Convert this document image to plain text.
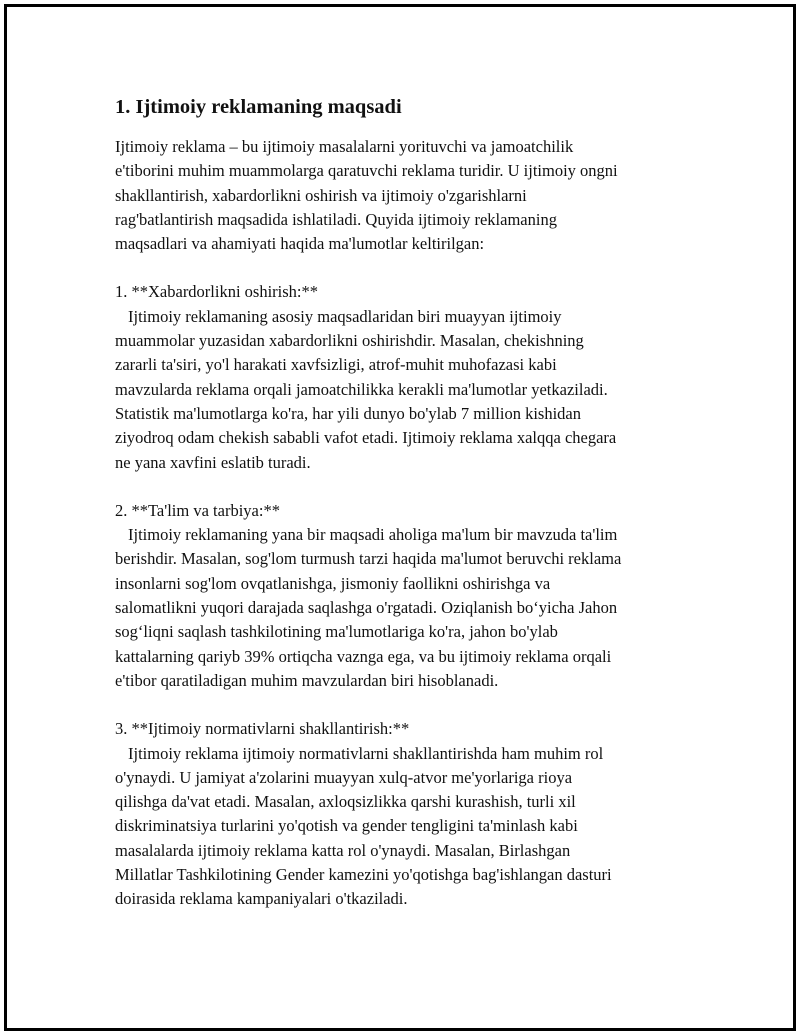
1. Ijtimoiy reklamaning maqsadi

Ijtimoiy reklama – bu ijtimoiy masalalarni yorituvchi va jamoatchilik
e'tiborini muhim muammolarga qaratuvchi reklama turidir. U ijtimoiy ongni
shakllantirish, xabardorlikni oshirish va ijtimoiy o'zgarishlarni
rag'batlantirish maqsadida ishlatiladi. Quyida ijtimoiy reklamaning
maqsadlari va ahamiyati haqida ma'lumotlar keltirilgan:

1. **Xabardorlikni oshirish:**

Ijtimoiy reklamaning asosiy maqsadlaridan biri muayyan ijtimoiy
muammolar yuzasidan xabardorlikni oshirishdir. Masalan, chekishning
zararli ta'siri, yo'l harakati xavfsizligi, atrof-muhit muhofazasi kabi
mavzularda reklama orqali jamoatchilikka kerakli ma'lumotlar yetkaziladi.
Statistik ma'lumotlarga ko'ra, har yili dunyo bo'ylab 7 million kishidan
ziyodroq odam chekish sababli vafot etadi. Ijtimoiy reklama xalqqa chegara
ne yana xavfini eslatib turadi.

2. **Ta'lim va tarbiya:**

Ijtimoiy reklamaning yana bir maqsadi aholiga ma'lum bir mavzuda ta'lim
berishdir. Masalan, sog'lom turmush tarzi haqida ma'lumot beruvchi reklama
insonlarni sog'lom ovqatlanishga, jismoniy faollikni oshirishga va
salomatlikni yuqori darajada saqlashga o'rgatadi. Oziqlanish bo‘yicha Jahon
sog‘liqni saqlash tashkilotining ma'lumotlariga ko'ra, jahon bo'ylab
kattalarning qariyb 39% ortiqcha vaznga ega, va bu ijtimoiy reklama orqali
e'tibor qaratiladigan muhim mavzulardan biri hisoblanadi.

3. **Ijtimoiy normativlarni shakllantirish:**

Ijtimoiy reklama ijtimoiy normativlarni shakllantirishda ham muhim rol
o'ynaydi. U jamiyat a'zolarini muayyan xulq-atvor me'yorlariga rioya
qilishga da'vat etadi. Masalan, axloqsizlikka qarshi kurashish, turli xil
diskriminatsiya turlarini yo'qotish va gender tengligini ta'minlash kabi
masalalarda ijtimoiy reklama katta rol o'ynaydi. Masalan, Birlashgan
Millatlar Tashkilotining Gender kamezini yo'qotishga bag'ishlangan dasturi
doirasida reklama kampaniyalari o'tkaziladi.
